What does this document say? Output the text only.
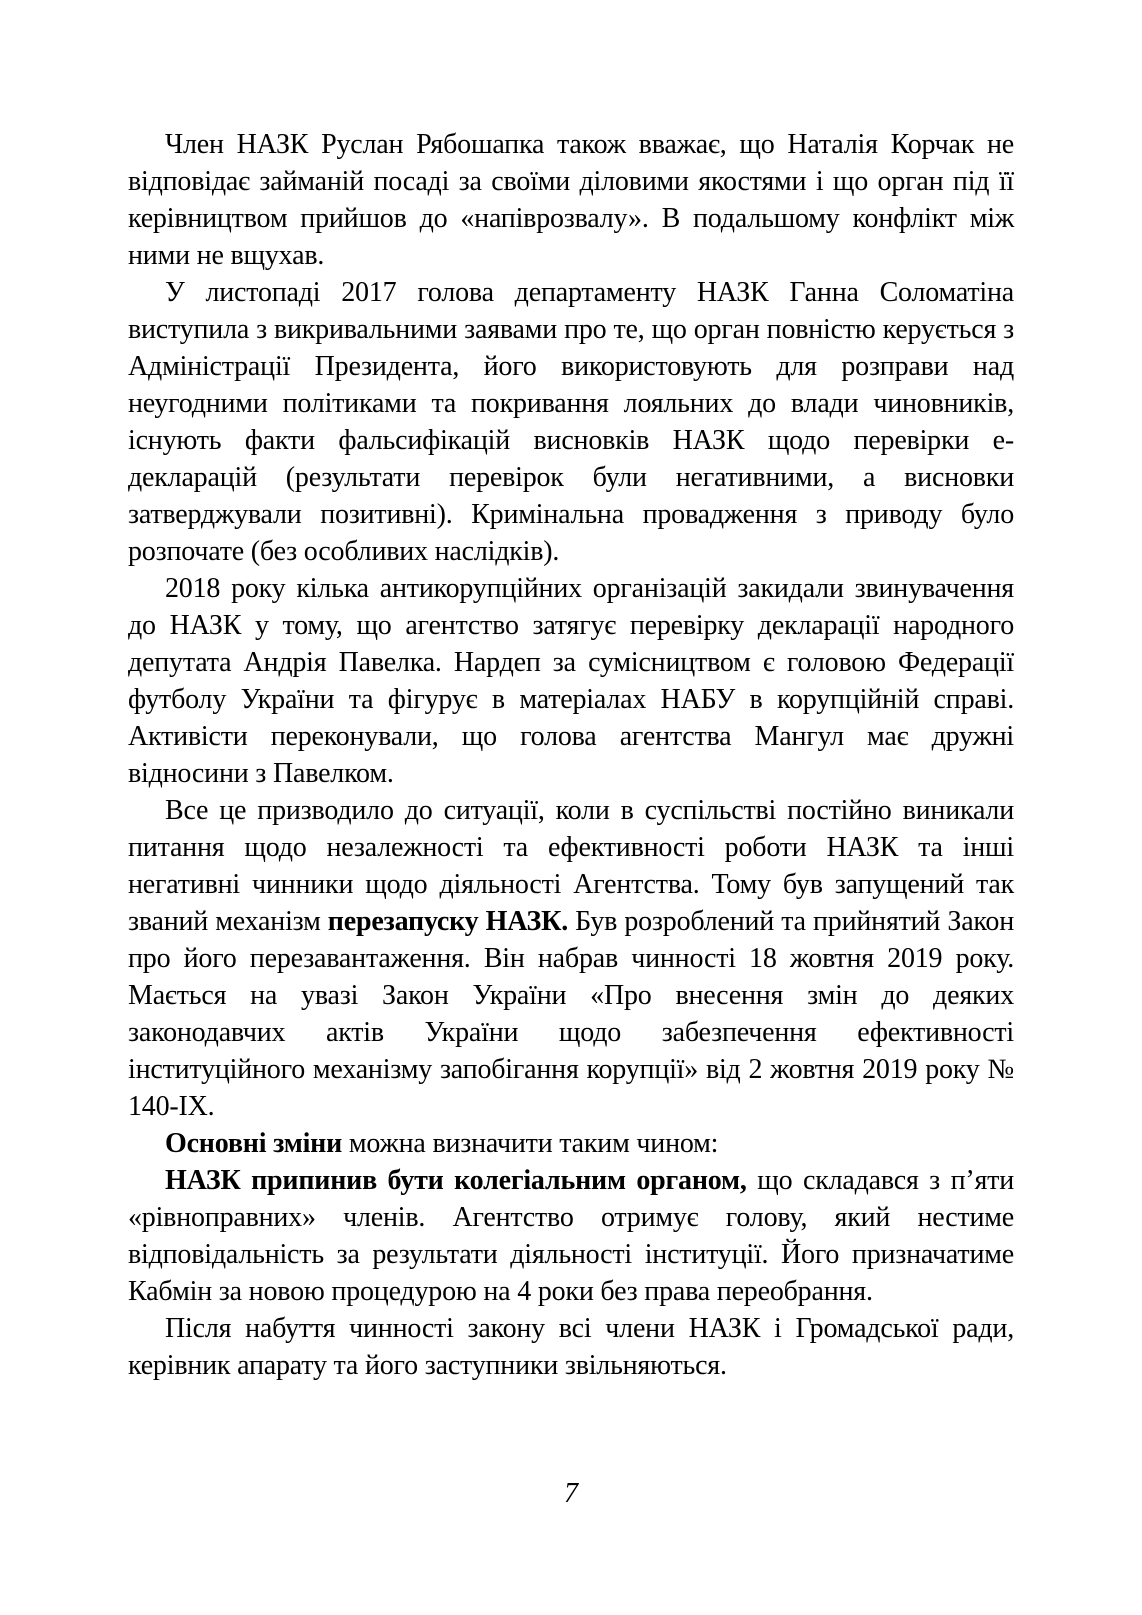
Член НАЗК Руслан Рябошапка також вважає, що Наталія Корчак не відповідає займаній посаді за своїми діловими якостями і що орган під її керівництвом прийшов до «напіврозвалу». В подальшому конфлікт між ними не вщухав.

У листопаді 2017 голова департаменту НАЗК Ганна Соломатіна виступила з викривальними заявами про те, що орган повністю керується з Адміністрації Президента, його використовують для розправи над неугодними політиками та покривання лояльних до влади чиновників, існують факти фальсифікацій висновків НАЗК щодо перевірки е-декларацій (результати перевірок були негативними, а висновки затверджували позитивні). Кримінальна провадження з приводу було розпочате (без особливих наслідків).

2018 року кілька антикорупційних організацій закидали звинувачення до НАЗК у тому, що агентство затягує перевірку декларації народного депутата Андрія Павелка. Нардеп за сумісництвом є головою Федерації футболу України та фігурує в матеріалах НАБУ в корупційній справі. Активісти переконували, що голова агентства Мангул має дружні відносини з Павелком.

Все це призводило до ситуації, коли в суспільстві постійно виникали питання щодо незалежності та ефективності роботи НАЗК та інші негативні чинники щодо діяльності Агентства. Тому був запущений так званий механізм перезапуску НАЗК. Був розроблений та прийнятий Закон про його перезавантаження. Він набрав чинності 18 жовтня 2019 року. Мається на увазі Закон України «Про внесення змін до деяких законодавчих актів України щодо забезпечення ефективності інституційного механізму запобігання корупції» від 2 жовтня 2019 року № 140-IX.

Основні зміни можна визначити таким чином:

НАЗК припинив бути колегіальним органом, що складався з п’яти «рівноправних» членів. Агентство отримує голову, який нестиме відповідальність за результати діяльності інституції. Його призначатиме Кабмін за новою процедурою на 4 роки без права переобрання.

Після набуття чинності закону всі члени НАЗК і Громадської ради, керівник апарату та його заступники звільняються.

7
